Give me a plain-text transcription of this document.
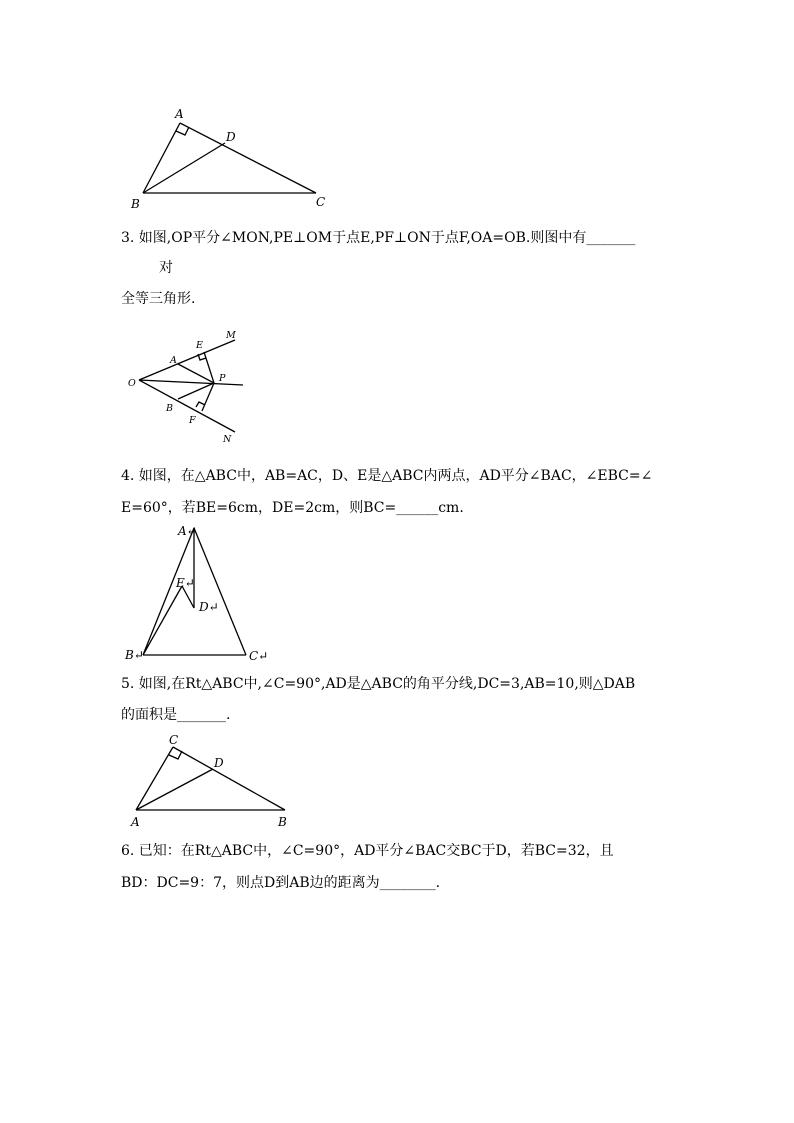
A
D
B	C
3. 如图,OP平分∠MON,PE⊥OM于点E,PF⊥ON于点F,OA=OB.则图中有_______
对
全等三角形.
M
E
A
O	P
B
F
N
4. 如图，在△ABC中，AB=AC，D、E是△ABC内两点，AD平分∠BAC，∠EBC=∠
E=60°，若BE=6cm，DE=2cm，则BC=______cm.
A↵
E↵
D↵
B↵	C↵
5. 如图,在Rt△ABC中,∠C=90°,AD是△ABC的角平分线,DC=3,AB=10,则△DAB
的面积是_______.
C
D
A	B
6. 已知：在Rt△ABC中，∠C=90°，AD平分∠BAC交BC于D，若BC=32，且
BD：DC=9：7，则点D到AB边的距离为________.
